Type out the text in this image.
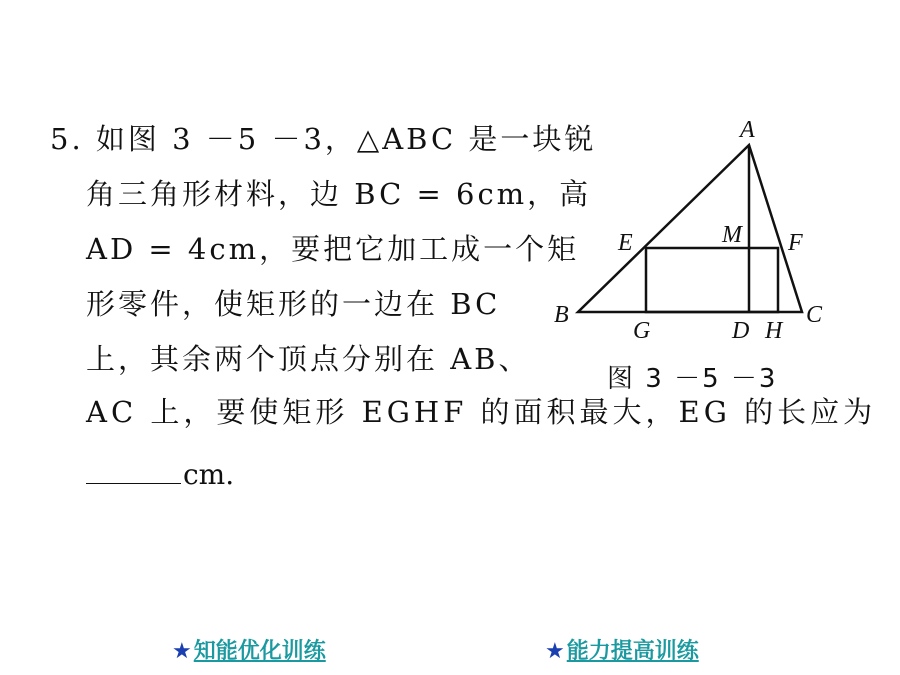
5. 如图 3 －5 －3，△ABC 是一块锐
角三角形材料，边 BC = 6cm，高
AD = 4cm，要把它加工成一个矩
形零件，使矩形的一边在 BC
上，其余两个顶点分别在 AB、
AC 上，要使矩形 EGHF 的面积最大，EG 的长应为
cm.
A
B	C
D
E	F
G	H
M
图 3 －5 －3
★知能优化训练	★能力提高训练
